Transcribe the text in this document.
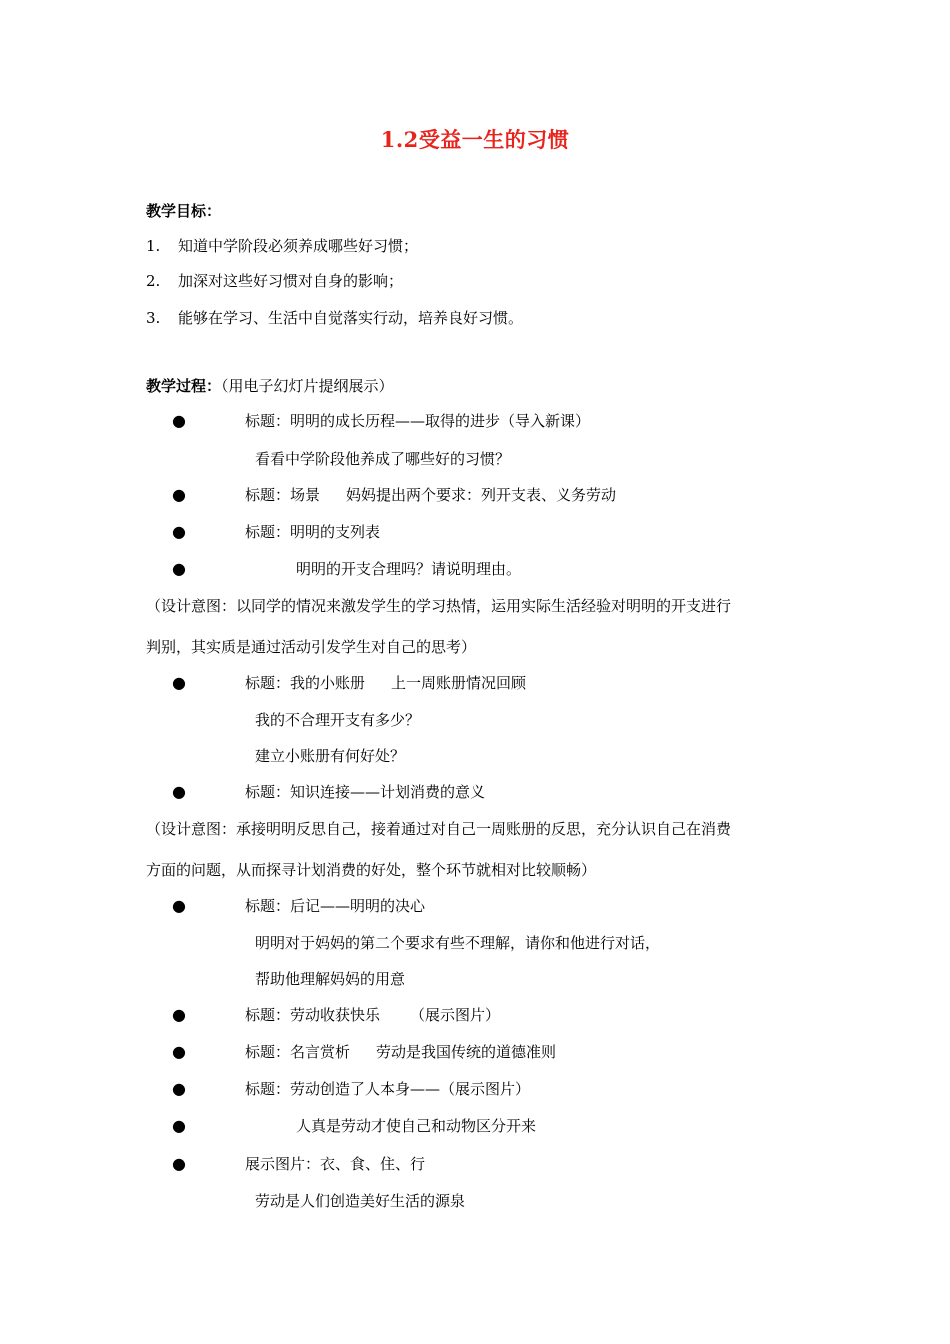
1.2受益一生的习惯
教学目标：
1. 知道中学阶段必须养成哪些好习惯；
2. 加深对这些好习惯对自身的影响；
3. 能够在学习、生活中自觉落实行动，培养良好习惯。
教学过程：（用电子幻灯片提纲展示）
●	标题：明明的成长历程——取得的进步（导入新课）
看看中学阶段他养成了哪些好的习惯？
●	标题：场景 妈妈提出两个要求：列开支表、义务劳动
●	标题：明明的支列表
●	明明的开支合理吗？请说明理由。
（设计意图：以同学的情况来激发学生的学习热情，运用实际生活经验对明明的开支进行
判别，其实质是通过活动引发学生对自己的思考）
●	标题：我的小账册 上一周账册情况回顾
我的不合理开支有多少？
建立小账册有何好处？
●	标题：知识连接——计划消费的意义
（设计意图：承接明明反思自己，接着通过对自己一周账册的反思，充分认识自己在消费
方面的问题，从而探寻计划消费的好处，整个环节就相对比较顺畅）
●	标题：后记——明明的决心
明明对于妈妈的第二个要求有些不理解，请你和他进行对话，
帮助他理解妈妈的用意
●	标题：劳动收获快乐 （展示图片）
●	标题：名言赏析 劳动是我国传统的道德准则
●	标题：劳动创造了人本身——（展示图片）
●	人真是劳动才使自己和动物区分开来
●	展示图片：衣、食、住、行
劳动是人们创造美好生活的源泉
